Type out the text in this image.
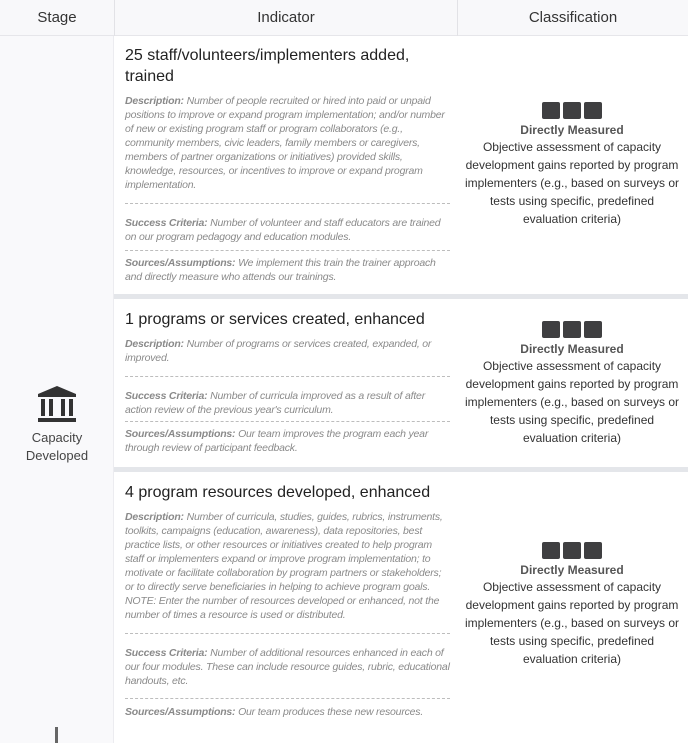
Stage	Indicator	Classification
Capacity
Developed
25 staff/volunteers/implementers added, trained
Description: Number of people recruited or hired into paid or unpaid positions to improve or expand program implementation; and/or number of new or existing program staff or program collaborators (e.g., community members, civic leaders, family members or caregivers, members of partner organizations or initiatives) provided skills, knowledge, resources, or incentives to improve or expand program implementation.
Success Criteria: Number of volunteer and staff educators are trained on our program pedagogy and education modules.
Sources/Assumptions: We implement this train the trainer approach and directly measure who attends our trainings.
Directly Measured
Objective assessment of capacity development gains reported by program implementers (e.g., based on surveys or tests using specific, predefined evaluation criteria)
1 programs or services created, enhanced
Description: Number of programs or services created, expanded, or improved.
Success Criteria: Number of curricula improved as a result of after action review of the previous year's curriculum.
Sources/Assumptions: Our team improves the program each year through review of participant feedback.
Directly Measured
Objective assessment of capacity development gains reported by program implementers (e.g., based on surveys or tests using specific, predefined evaluation criteria)
4 program resources developed, enhanced
Description: Number of curricula, studies, guides, rubrics, instruments, toolkits, campaigns (education, awareness), data repositories, best practice lists, or other resources or initiatives created to help program staff or implementers expand or improve program implementation; to motivate or facilitate collaboration by program partners or stakeholders; or to directly serve beneficiaries in helping to achieve program goals. NOTE: Enter the number of resources developed or enhanced, not the number of times a resource is used or distributed.
Success Criteria: Number of additional resources enhanced in each of our four modules. These can include resource guides, rubric, educational handouts, etc.
Sources/Assumptions: Our team produces these new resources.
Directly Measured
Objective assessment of capacity development gains reported by program implementers (e.g., based on surveys or tests using specific, predefined evaluation criteria)
